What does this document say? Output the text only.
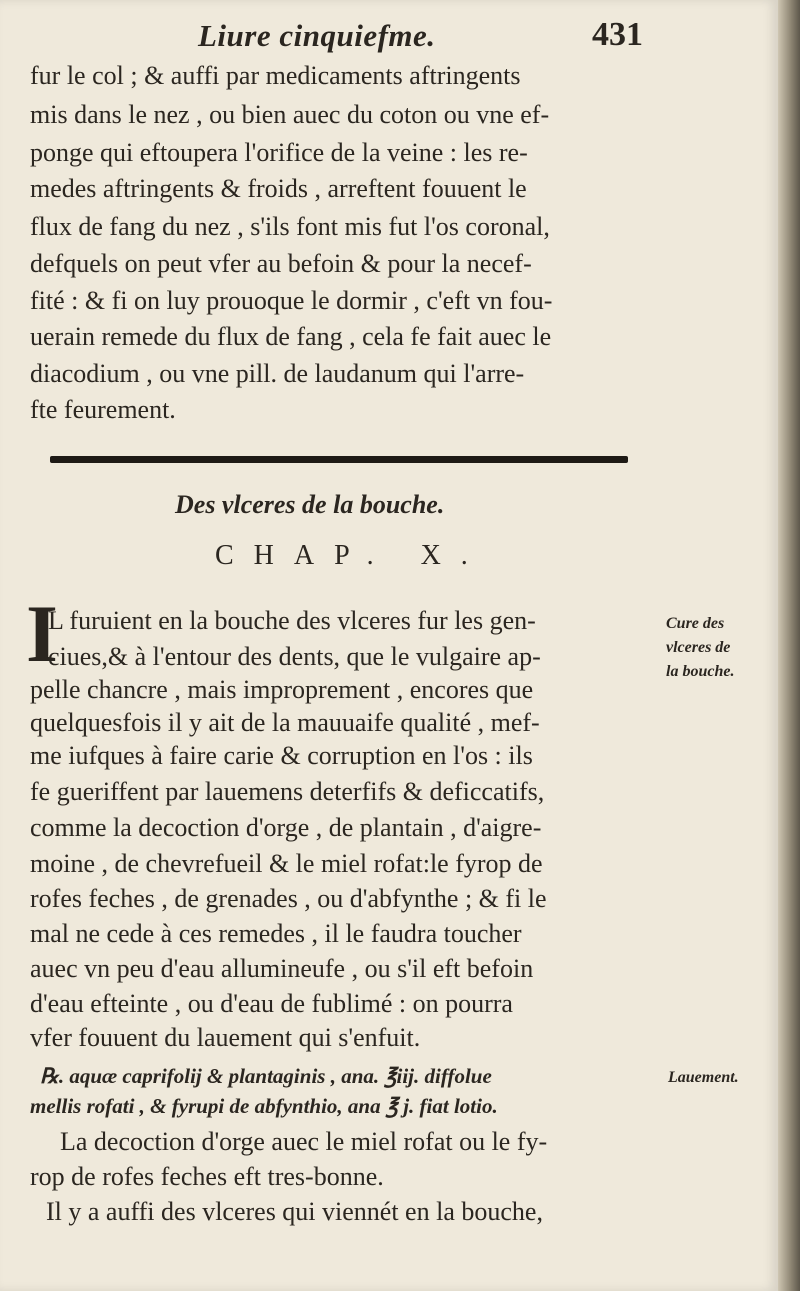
Liure cinquiefme.	431
fur le col ; & auffi par medicaments aftringents
mis dans le nez , ou bien auec du coton ou vne ef-
ponge qui eftoupera l'orifice de la veine : les re-
medes aftringents & froids , arreftent fouuent le
flux de fang du nez , s'ils font mis fut l'os coronal,
defquels on peut vfer au befoin & pour la necef-
fité : & fi on luy prouoque le dormir , c'eft vn fou-
uerain remede du flux de fang , cela fe fait auec le
diacodium , ou vne pill. de laudanum qui l'arre-
fte feurement.
Des vlceres de la bouche.
CHAP. X.
I
L furuient en la bouche des vlceres fur les gen-
ciues,& à l'entour des dents, que le vulgaire ap-
pelle chancre , mais improprement , encores que
quelquesfois il y ait de la mauuaife qualité , mef-
me iufques à faire carie & corruption en l'os : ils
fe gueriffent par lauemens deterfifs & deficcatifs,
comme la decoction d'orge , de plantain , d'aigre-
moine , de chevrefueil & le miel rofat:le fyrop de
rofes feches , de grenades , ou d'abfynthe ; & fi le
mal ne cede à ces remedes , il le faudra toucher
auec vn peu d'eau allumineufe , ou s'il eft befoin
d'eau efteinte , ou d'eau de fublimé : on pourra
vfer fouuent du lauement qui s'enfuit.
℞. aquæ caprifolij & plantaginis , ana. ℥iij. diffolue
mellis rofati , & fyrupi de abfynthio, ana ℥ j. fiat lotio.
La decoction d'orge auec le miel rofat ou le fy-
rop de rofes feches eft tres-bonne.
Il y a auffi des vlceres qui viennét en la bouche,
Cure des
vlceres de
la bouche.
Lauement.
